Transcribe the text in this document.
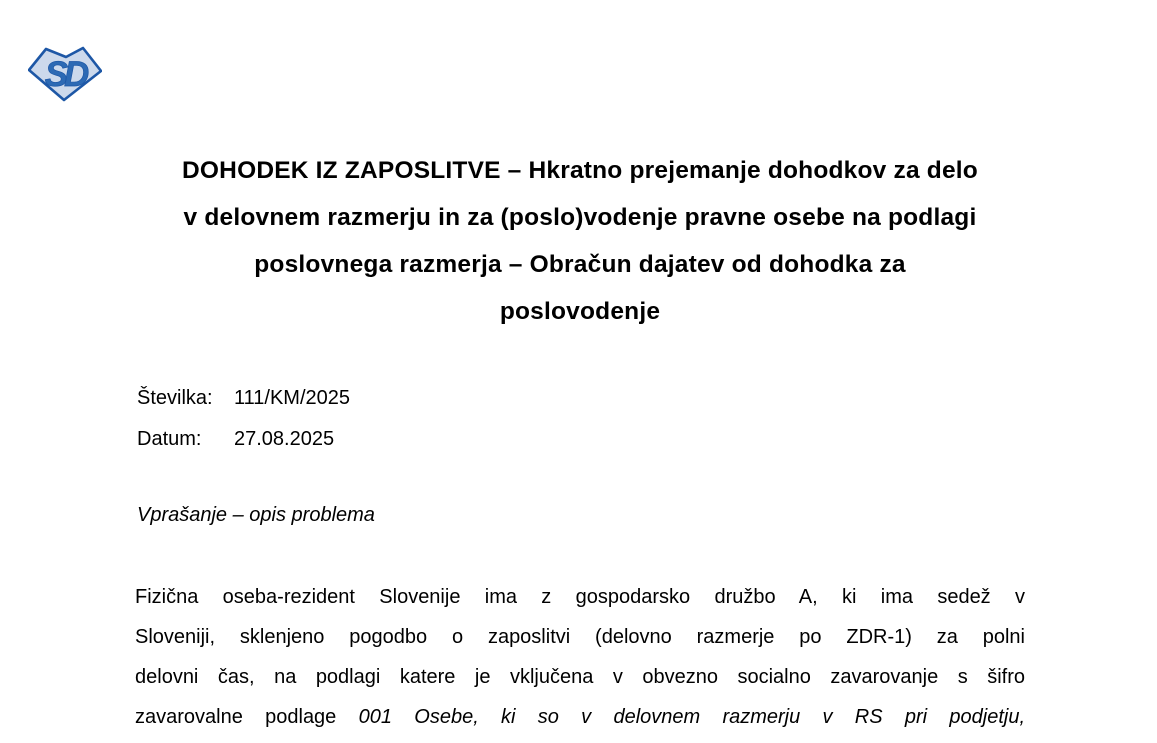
SD
DOHODEK IZ ZAPOSLITVE – Hkratno prejemanje dohodkov za delo
v delovnem razmerju in za (poslo)vodenje pravne osebe na podlagi
poslovnega razmerja – Obračun dajatev od dohodka za
poslovodenje
Številka: 111/KM/2025
Datum: 27.08.2025
Vprašanje – opis problema
Fizična oseba-rezident Slovenije ima z gospodarsko družbo A, ki ima sedež v
Sloveniji, sklenjeno pogodbo o zaposlitvi (delovno razmerje po ZDR-1) za polni
delovni čas, na podlagi katere je vključena v obvezno socialno zavarovanje s šifro
zavarovalne podlage 001 Osebe, ki so v delovnem razmerju v RS pri podjetju,
